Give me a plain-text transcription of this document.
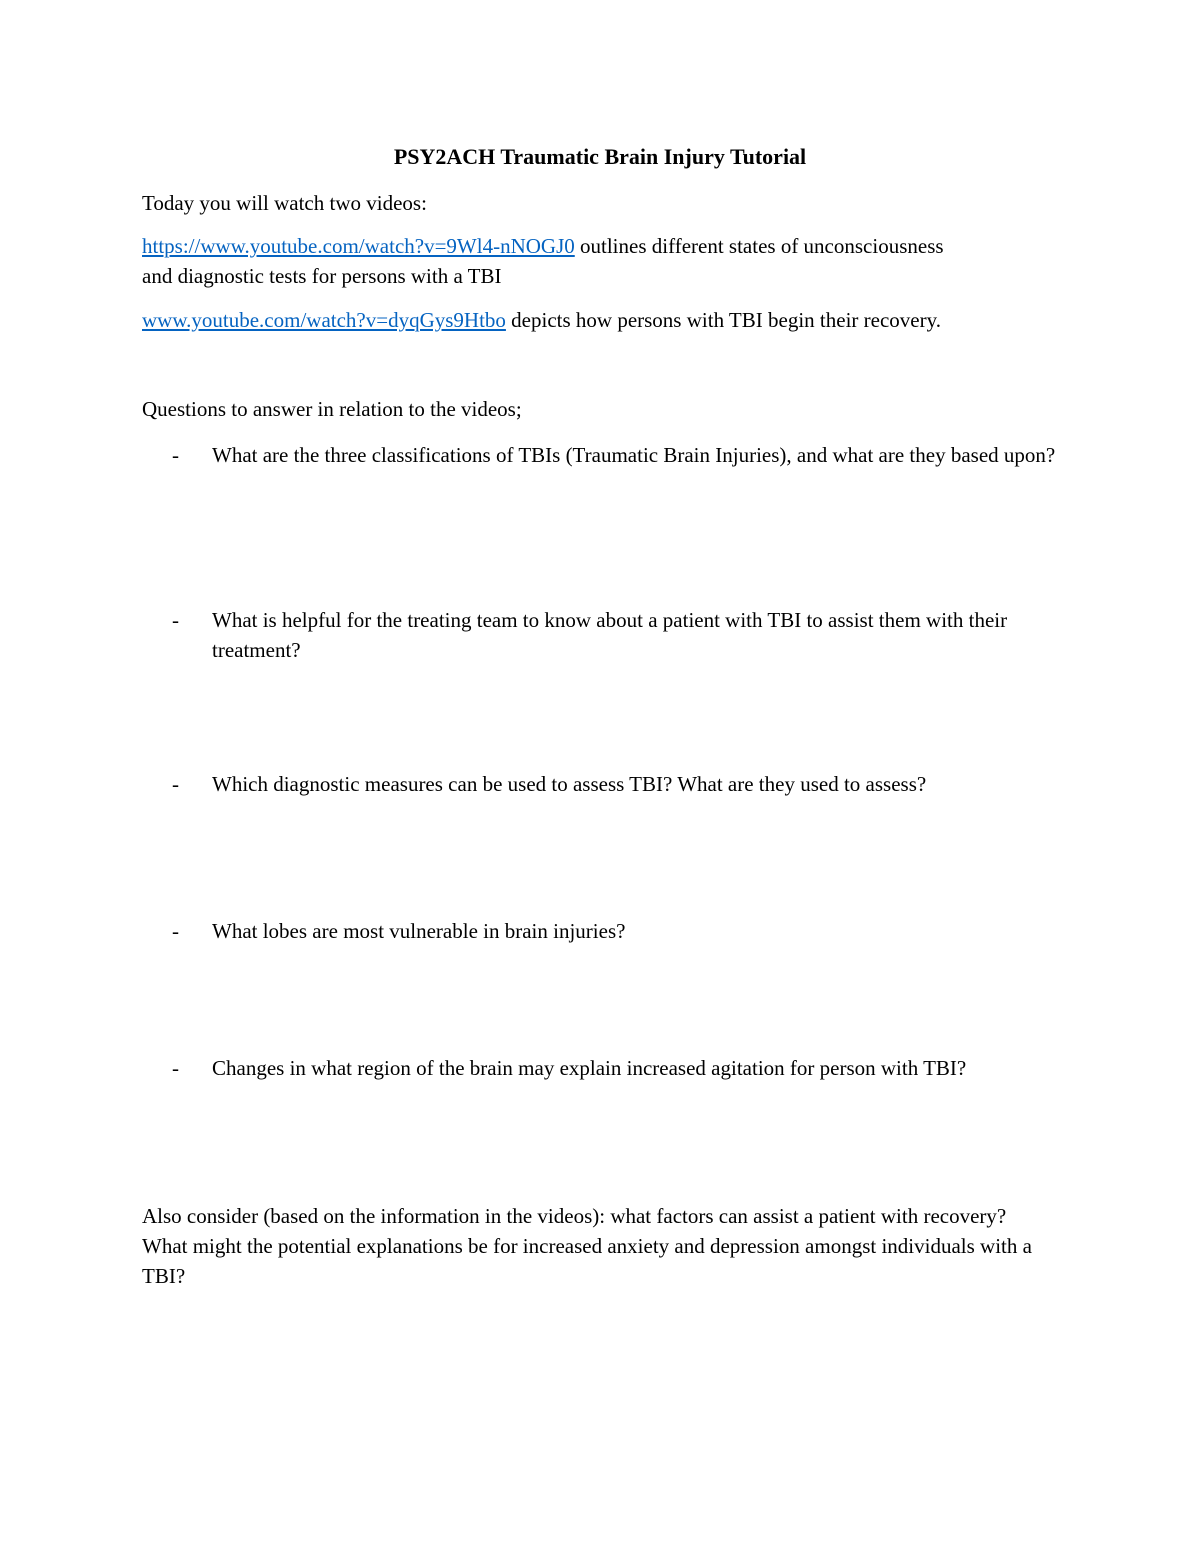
PSY2ACH Traumatic Brain Injury Tutorial
Today you will watch two videos:
https://www.youtube.com/watch?v=9Wl4-nNOGJ0 outlines different states of unconsciousness
and diagnostic tests for persons with a TBI
www.youtube.com/watch?v=dyqGys9Htbo depicts how persons with TBI begin their recovery.
Questions to answer in relation to the videos;
- What are the three classifications of TBIs (Traumatic Brain Injuries), and what are they based upon?
- What is helpful for the treating team to know about a patient with TBI to assist them with their treatment?
- Which diagnostic measures can be used to assess TBI? What are they used to assess?
- What lobes are most vulnerable in brain injuries?
- Changes in what region of the brain may explain increased agitation for person with TBI?
Also consider (based on the information in the videos): what factors can assist a patient with recovery? What might the potential explanations be for increased anxiety and depression amongst individuals with a TBI?
